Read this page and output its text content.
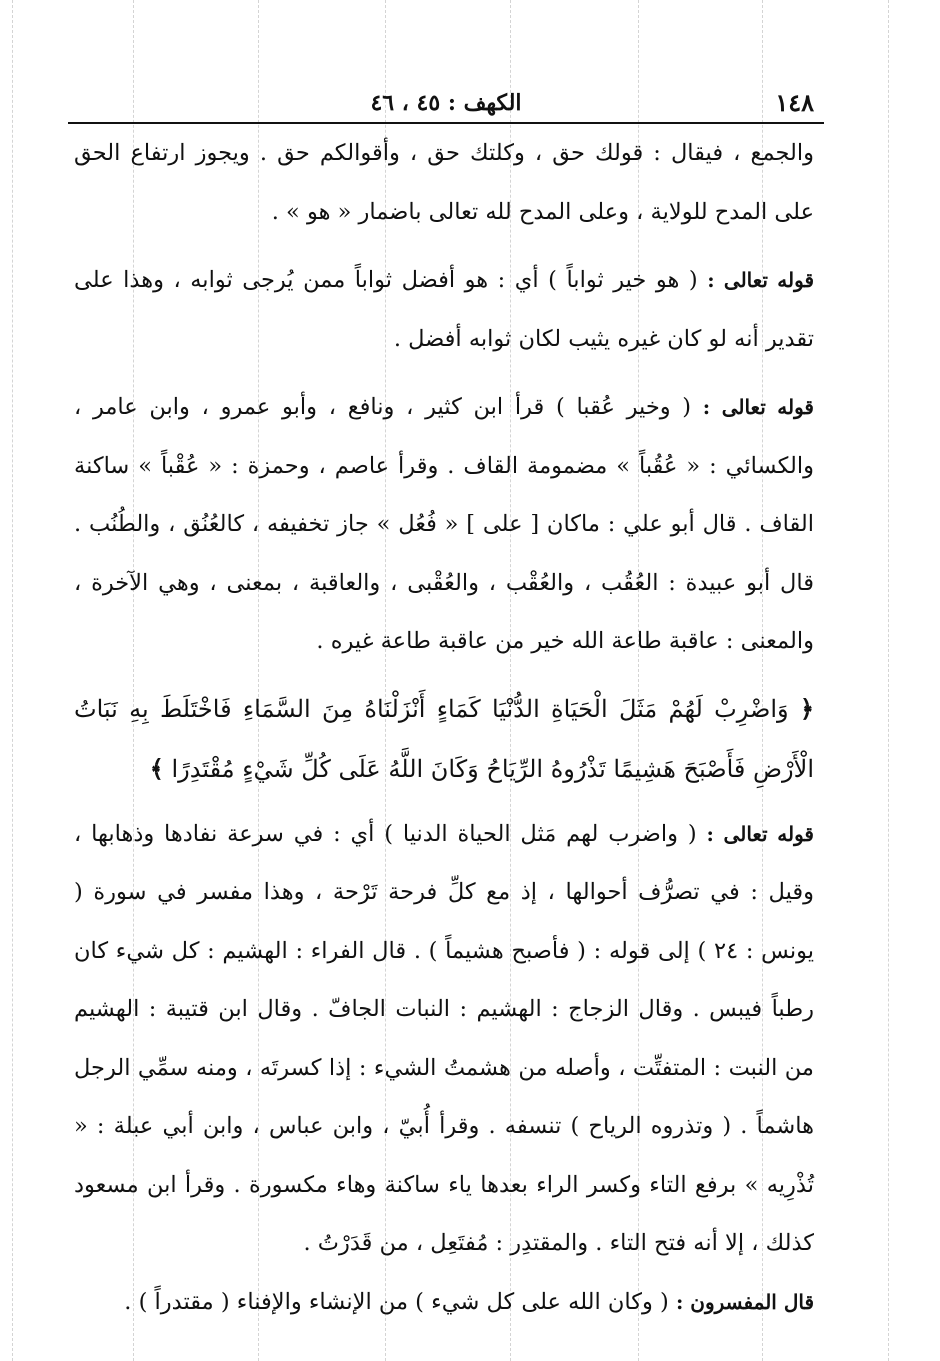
١٤٨
الكهف : ٤٥ ، ٤٦

والجمع ، فيقال : قولك حق ، وكلتك حق ، وأقوالكم حق . ويجوز ارتفاع الحق على المدح للولاية ، وعلى المدح لله تعالى باضمار « هو » .

قوله تعالى : ( هو خير ثواباً ) أي : هو أفضل ثواباً ممن يُرجى ثوابه ، وهذا على تقدير أنه لو كان غيره يثيب لكان ثوابه أفضل .

قوله تعالى : ( وخير عُقبا ) قرأ ابن كثير ، ونافع ، وأبو عمرو ، وابن عامر ، والكسائي : « عُقُباً » مضمومة القاف . وقرأ عاصم ، وحمزة : « عُقْباً » ساكنة القاف . قال أبو علي : ماكان [ على ] « فُعُل » جاز تخفيفه ، كالعُنُق ، والطُنُب . قال أبو عبيدة : العُقُب ، والعُقْب ، والعُقْبى ، والعاقبة ، بمعنى ، وهي الآخرة ، والمعنى : عاقبة طاعة الله خير من عاقبة طاعة غيره .

﴿ وَاضْرِبْ لَهُمْ مَثَلَ الْحَيَاةِ الدُّنْيَا كَمَاءٍ أَنْزَلْنَاهُ مِنَ السَّمَاءِ فَاخْتَلَطَ بِهِ نَبَاتُ الْأَرْضِ فَأَصْبَحَ هَشِيمًا تَذْرُوهُ الرِّيَاحُ وَكَانَ اللَّهُ عَلَى كُلِّ شَيْءٍ مُقْتَدِرًا ﴾

قوله تعالى : ( واضرب لهم مَثل الحياة الدنيا ) أي : في سرعة نفادها وذهابها ، وقيل : في تصرُّف أحوالها ، إذ مع كلِّ فرحة تَرْحة ، وهذا مفسر في سورة ( يونس : ٢٤ ) إلى قوله : ( فأصبح هشيماً ) . قال الفراء : الهشيم : كل شيء كان رطباً فيبس . وقال الزجاج : الهشيم : النبات الجافّ . وقال ابن قتيبة : الهشيم من النبت : المتفتِّت ، وأصله من هشمتُ الشيء : إذا كسرتَه ، ومنه سمِّي الرجل هاشماً . ( وتذروه الرياح ) تنسفه . وقرأ أُبيّ ، وابن عباس ، وابن أبي عبلة : « تُذْرِيه » برفع التاء وكسر الراء بعدها ياء ساكنة وهاء مكسورة . وقرأ ابن مسعود كذلك ، إلا أنه فتح التاء . والمقتدِر : مُفتَعِل ، من قَدَرْتُ .

قال المفسرون : ( وكان الله على كل شيء ) من الإنشاء والإفناء ( مقتدراً ) .
